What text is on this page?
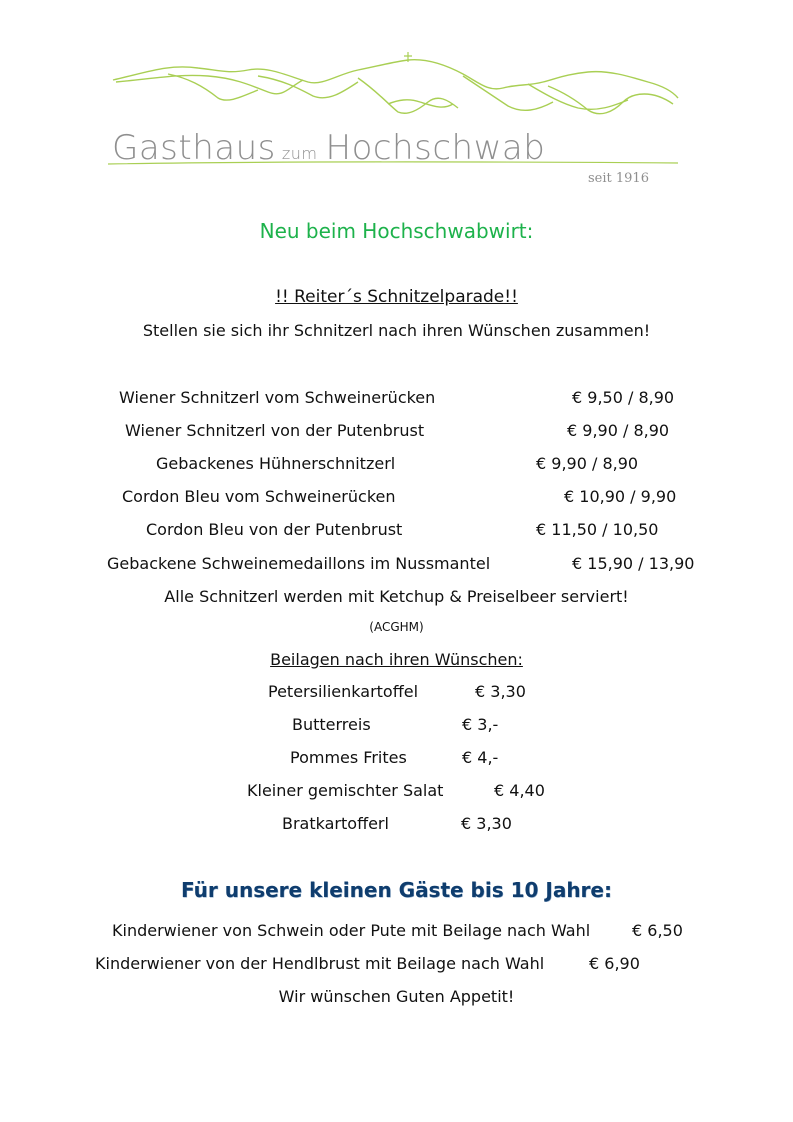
Gasthaus zum Hochschwab
seit 1916
Neu beim Hochschwabwirt:
!! Reiter´s Schnitzelparade!!
Stellen sie sich ihr Schnitzerl nach ihren Wünschen zusammen!
Wiener Schnitzerl vom Schweinerücken	€ 9,50 / 8,90
Wiener Schnitzerl von der Putenbrust	€ 9,90 / 8,90
Gebackenes Hühnerschnitzerl	€ 9,90 / 8,90
Cordon Bleu vom Schweinerücken	€ 10,90 / 9,90
Cordon Bleu von der Putenbrust	€ 11,50 / 10,50
Gebackene Schweinemedaillons im Nussmantel	€ 15,90 / 13,90
Alle Schnitzerl werden mit Ketchup & Preiselbeer serviert!
(ACGHM)
Beilagen nach ihren Wünschen:
Petersilienkartoffel	€ 3,30
Butterreis	€ 3,-
Pommes Frites	€ 4,-
Kleiner gemischter Salat	€ 4,40
Bratkartofferl	€ 3,30
Für unsere kleinen Gäste bis 10 Jahre:
Kinderwiener von Schwein oder Pute mit Beilage nach Wahl	€ 6,50
Kinderwiener von der Hendlbrust mit Beilage nach Wahl	€ 6,90
Wir wünschen Guten Appetit!
